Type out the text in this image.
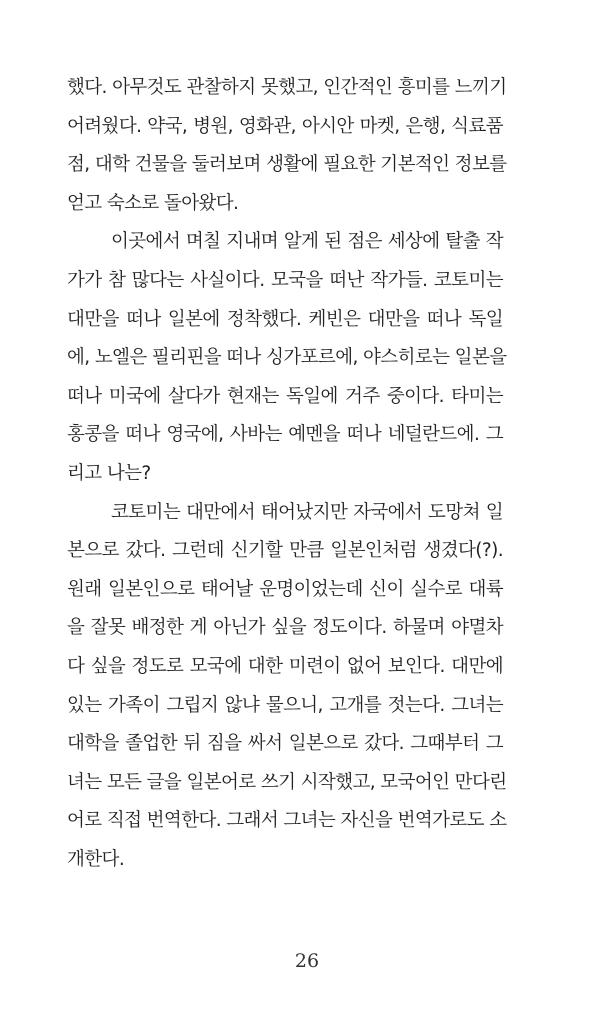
했다. 아무것도 관찰하지 못했고, 인간적인 흥미를 느끼기
어려웠다. 약국, 병원, 영화관, 아시안 마켓, 은행, 식료품
점, 대학 건물을 둘러보며 생활에 필요한 기본적인 정보를
얻고 숙소로 돌아왔다.
이곳에서 며칠 지내며 알게 된 점은 세상에 탈출 작
가가 참 많다는 사실이다. 모국을 떠난 작가들. 코토미는
대만을 떠나 일본에 정착했다. 케빈은 대만을 떠나 독일
에, 노엘은 필리핀을 떠나 싱가포르에, 야스히로는 일본을
떠나 미국에 살다가 현재는 독일에 거주 중이다. 타미는
홍콩을 떠나 영국에, 사바는 예멘을 떠나 네덜란드에. 그
리고 나는?
코토미는 대만에서 태어났지만 자국에서 도망쳐 일
본으로 갔다. 그런데 신기할 만큼 일본인처럼 생겼다(?).
원래 일본인으로 태어날 운명이었는데 신이 실수로 대륙
을 잘못 배정한 게 아닌가 싶을 정도이다. 하물며 야멸차
다 싶을 정도로 모국에 대한 미련이 없어 보인다. 대만에
있는 가족이 그립지 않냐 물으니, 고개를 젓는다. 그녀는
대학을 졸업한 뒤 짐을 싸서 일본으로 갔다. 그때부터 그
녀는 모든 글을 일본어로 쓰기 시작했고, 모국어인 만다린
어로 직접 번역한다. 그래서 그녀는 자신을 번역가로도 소
개한다.
26
